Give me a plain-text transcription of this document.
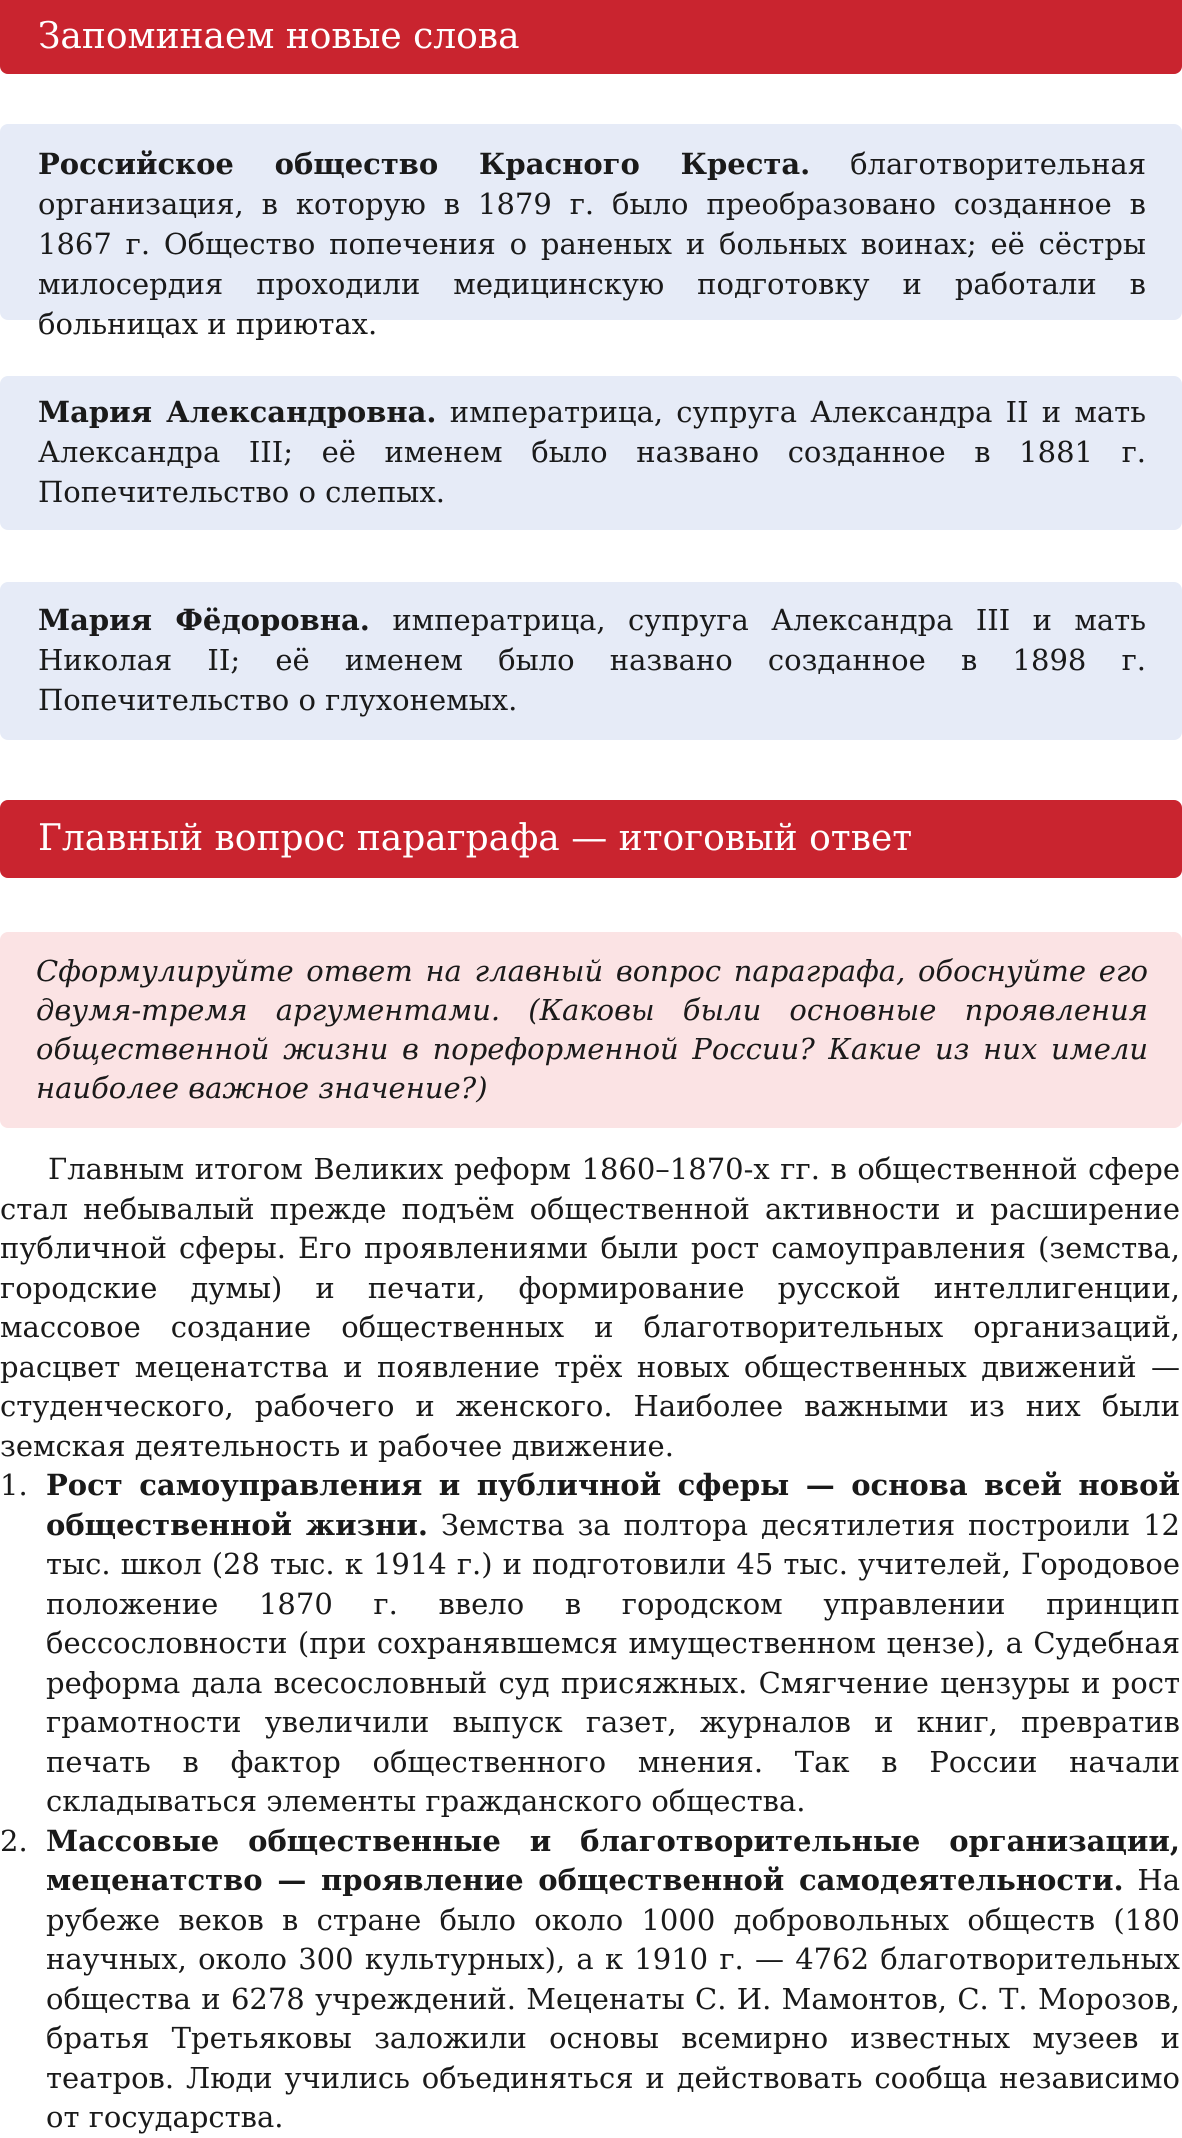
Запоминаем новые слова
Российское общество Красного Креста. благотворительная организация, в которую в 1879 г. было преобразовано созданное в 1867 г. Общество попечения о раненых и больных воинах; её сёстры милосердия проходили медицинскую подготовку и работали в больницах и приютах.
Мария Александровна. императрица, супруга Александра II и мать Александра III; её именем было названо созданное в 1881 г. Попечительство о слепых.
Мария Фёдоровна. императрица, супруга Александра III и мать Николая II; её именем было названо созданное в 1898 г. Попечительство о глухонемых.
Главный вопрос параграфа — итоговый ответ
Сформулируйте ответ на главный вопрос параграфа, обоснуйте его двумя-тремя аргументами. (Каковы были основные проявления общественной жизни в пореформенной России? Какие из них имели наиболее важное значение?)

Главным итогом Великих реформ 1860–1870-х гг. в общественной сфере стал небывалый прежде подъём общественной активности и расширение публичной сферы. Его проявлениями были рост самоуправления (земства, городские думы) и печати, формирование русской интеллигенции, массовое создание общественных и благотворительных организаций, расцвет меценатства и появление трёх новых общественных движений — студенческого, рабочего и женского. Наиболее важными из них были земская деятельность и рабочее движение.

1. Рост самоуправления и публичной сферы — основа всей новой общественной жизни. Земства за полтора десятилетия построили 12 тыс. школ (28 тыс. к 1914 г.) и подготовили 45 тыс. учителей, Городовое положение 1870 г. ввело в городском управлении принцип бессословности (при сохранявшемся имущественном цензе), а Судебная реформа дала всесословный суд присяжных. Смягчение цензуры и рост грамотности увеличили выпуск газет, журналов и книг, превратив печать в фактор общественного мнения. Так в России начали складываться элементы гражданского общества.
2. Массовые общественные и благотворительные организации, меценатство — проявление общественной самодеятельности. На рубеже веков в стране было около 1000 добровольных обществ (180 научных, около 300 культурных), а к 1910 г. — 4762 благотворительных общества и 6278 учреждений. Меценаты С. И. Мамонтов, С. Т. Морозов, братья Третьяковы заложили основы всемирно известных музеев и театров. Люди учились объединяться и действовать сообща независимо от государства.
